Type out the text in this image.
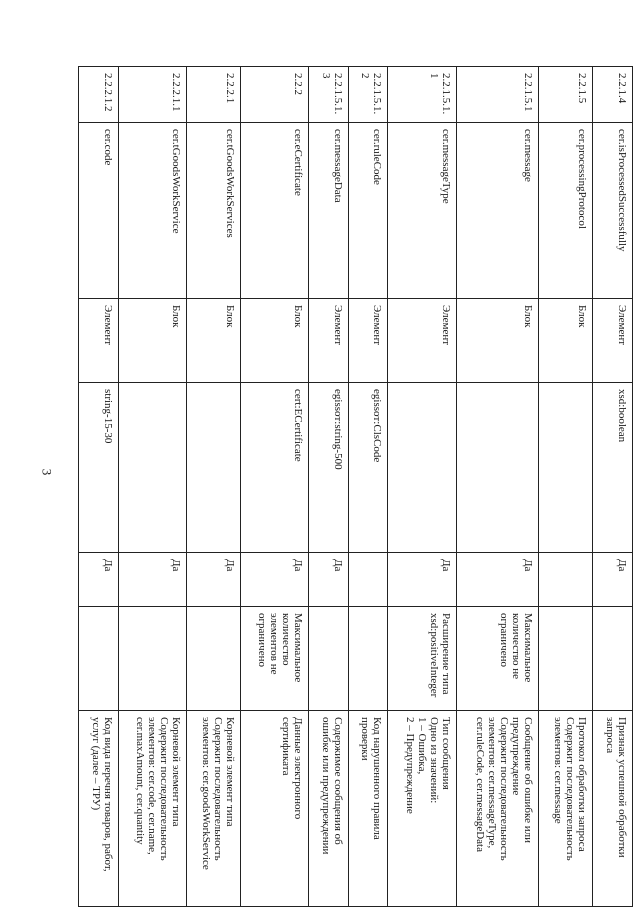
3
2.2.1.4	cer.isProcessedSuccessfully	Элемент	xsd:boolean	Да		Признак успешной обработки
запроса

2.2.1.5	cer.processingProtocol	Блок				Протокол обработки запроса
Содержит последовательность
элементов: cer.message

2.2.1.5.1	cer.message	Блок		Да	Максимальное
количество не
ограничено	Сообщение об ошибке или
предупреждение
Содержит последовательность
элементов: cer.messageType,
cer.ruleCode, cer.messageData

2.2.1.5.1.1	cer.messageType	Элемент		Да	Расширение типа
xsd:positiveInteger	Тип сообщения
Одно из значений:
1 – Ошибка,
2 – Предупреждение

2.2.1.5.1.2	cer.ruleCode	Элемент	egissoт:ClsCode			Код нарушенного правила
проверки

2.2.1.5.1.3	cer.messageData	Элемент	egissoт:string-500	Да		Содержимое сообщения об
ошибке или предупреждении

2.2.2	cer.eCertificate	Блок	cert:ECertificate	Да	Максимальное
количество
элементов не
ограничено	Данные электронного
сертификата

2.2.2.1	cer.tGoodsWorkServices	Блок		Да		Корневой элемент типа
Содержит последовательность
элементов: cer.goodsWorkService

2.2.2.1.1	cer.tGoodsWorkService	Блок		Да		Корневой элемент типа
Содержит последовательность
элементов: cer.code, cer.name,
cer.maxAmount, cer.quantity

2.2.2.1.2	cer.code	Элемент	string-15-30	Да		Код вида перечня товаров, работ,
услуг (далее – ТРУ)
